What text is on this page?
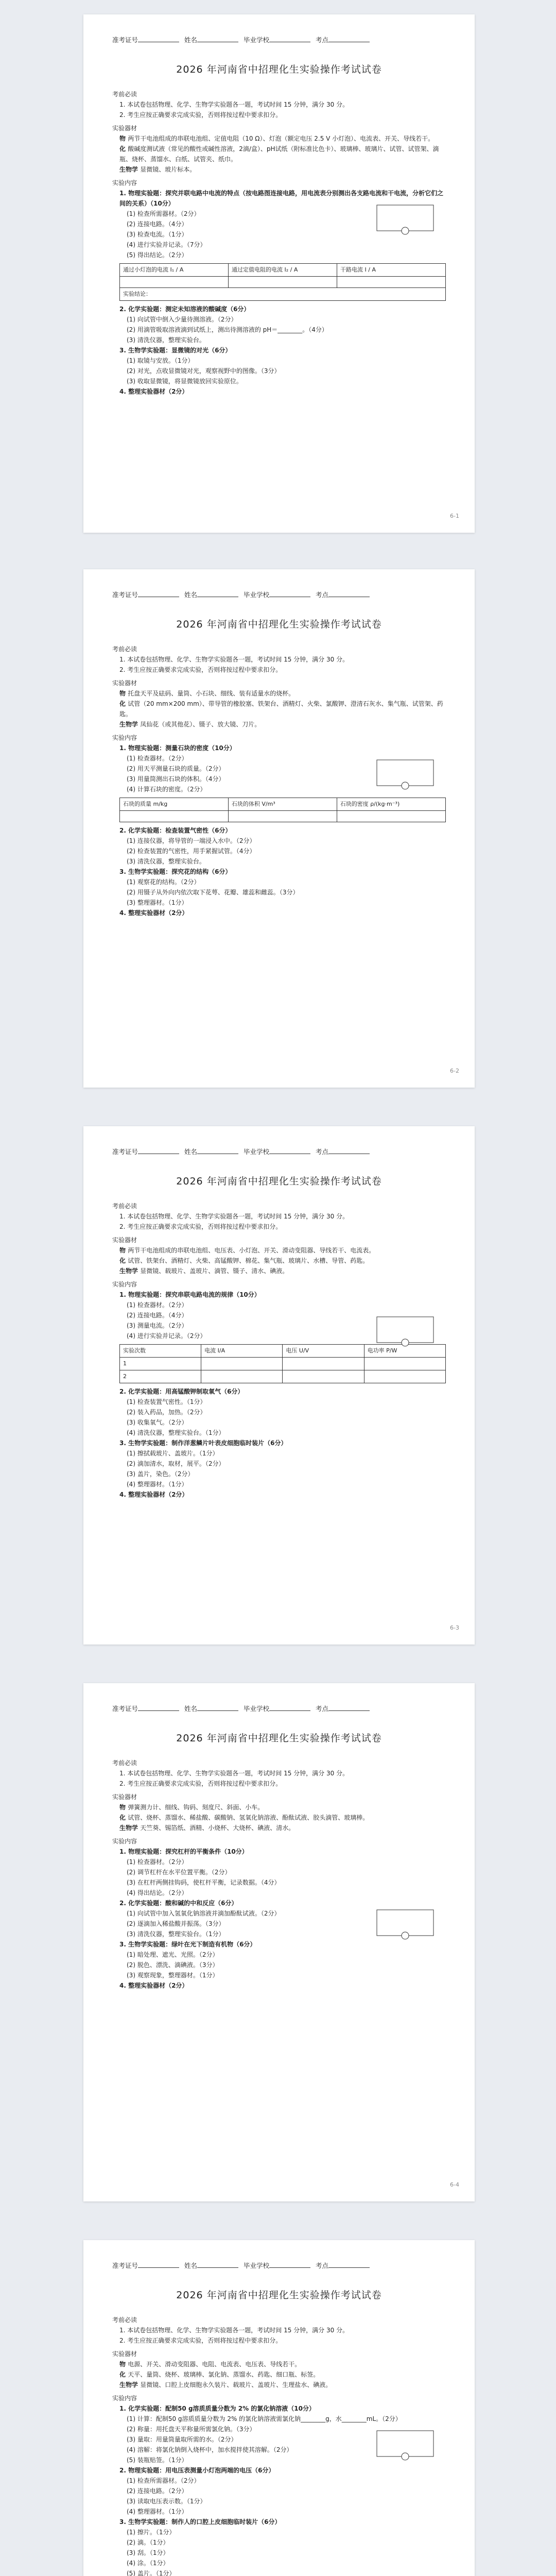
准考证号	姓名	毕业学校	考点
2026 年河南省中招理化生实验操作考试试卷
考前必读
1. 本试卷包括物理、化学、生物学实验题各一题，考试时间 15 分钟，满分 30 分。
2. 考生应按正确要求完成实验，否则将按过程中要求扣分。
实验器材
物 两节干电池组成的串联电池组、定值电阻（10 Ω）、灯泡（额定电压 2.5 V 小灯泡）、电流表、开关、导线若干。
化 酸碱度测试液（常见的酸性或碱性溶液，2滴/盒）、pH试纸（附标准比色卡）、玻璃棒、玻璃片、试管、试管架、滴瓶、烧杯、蒸馏水、白纸、试管夹、纸巾。
生物学 显微镜、玻片标本。
实验内容
1. 物理实验题：探究并联电路中电流的特点（按电路图连接电路，用电流表分别测出各支路电流和干电流，分析它们之间的关系）（10分）
(1) 检查所需器材。（2分）
(2) 连接电路。（4分）
(3) 检查电流。（1分）
(4) 进行实验并记录。（7分）
(5) 得出结论。（2分）
通过小灯泡的电流 I₁ / A	通过定值电阻的电流 I₂ / A	干路电流 I / A

实验结论：		
2. 化学实验题：测定未知溶液的酸碱度（6分）
(1) 向试管中倒入少量待测溶液。（2分）
(2) 用滴管吸取溶液滴到试纸上，测出待测溶液的 pH＝________。（4分）
(3) 清洗仪器，整理实验台。
3. 生物学实验题：显微镜的对光（6分）
(1) 取镜与安放。（1分）
(2) 对光，点收显微镜对光，观察视野中的图像。（3分）
(3) 收取显微镜，将显微镜放回实验原位。
4. 整理实验器材（2分）
6-1
准考证号	姓名	毕业学校	考点
2026 年河南省中招理化生实验操作考试试卷
考前必读
1. 本试卷包括物理、化学、生物学实验题各一题，考试时间 15 分钟，满分 30 分。
2. 考生应按正确要求完成实验，否则将按过程中要求扣分。
实验器材
物 托盘天平及砝码、量筒、小石块、细线、装有适量水的烧杯。
化 试管（20 mm×200 mm）、带导管的橡胶塞、铁架台、酒精灯、火柴、氯酸钾、澄清石灰水、集气瓶、试管架、药匙。
生物学 凤仙花（或其他花）、镊子、放大镜、刀片。
实验内容
1. 物理实验题：测量石块的密度（10分）
(1) 检查器材。（2分）
(2) 用天平测量石块的质量。（2分）
(3) 用量筒测出石块的体积。（4分）
(4) 计算石块的密度。（2分）
石块的质量 m/kg	石块的体积 V/m³	石块的密度 ρ/(kg·m⁻³)

2. 化学实验题：检查装置气密性（6分）
(1) 连接仪器，将导管的一端浸入水中。（2分）
(2) 检查装置的气密性，用手紧握试管。（4分）
(3) 清洗仪器，整理实验台。
3. 生物学实验题：探究花的结构（6分）
(1) 观察花的结构。（2分）
(2) 用镊子从外向内依次取下花萼、花瓣、雄蕊和雌蕊。（3分）
(3) 整理器材。（1分）
4. 整理实验器材（2分）
6-2
准考证号	姓名	毕业学校	考点
2026 年河南省中招理化生实验操作考试试卷
考前必读
1. 本试卷包括物理、化学、生物学实验题各一题，考试时间 15 分钟，满分 30 分。
2. 考生应按正确要求完成实验，否则将按过程中要求扣分。
实验器材
物 两节干电池组成的串联电池组、电压表、小灯泡、开关、滑动变阻器、导线若干、电流表。
化 试管、铁架台、酒精灯、火柴、高锰酸钾、棉花、集气瓶、玻璃片、水槽、导管、药匙。
生物学 显微镜、载玻片、盖玻片、滴管、镊子、清水、碘液。
实验内容
1. 物理实验题：探究串联电路电流的规律（10分）
(1) 检查器材。（2分）
(2) 连接电路。（4分）
(3) 测量电流。（2分）
(4) 进行实验并记录。（2分）
实验次数	电流 I/A	电压 U/V	电功率 P/W
1			
2			
2. 化学实验题：用高锰酸钾制取氧气（6分）
(1) 检查装置气密性。（1分）
(2) 装入药品，加热。（2分）
(3) 收集氧气。（2分）
(4) 清洗仪器，整理实验台。（1分）
3. 生物学实验题：制作洋葱鳞片叶表皮细胞临时装片（6分）
(1) 擦拭载玻片、盖玻片。（1分）
(2) 滴加清水，取材，展平。（2分）
(3) 盖片，染色。（2分）
(4) 整理器材。（1分）
4. 整理实验器材（2分）
6-3
准考证号	姓名	毕业学校	考点
2026 年河南省中招理化生实验操作考试试卷
考前必读
1. 本试卷包括物理、化学、生物学实验题各一题，考试时间 15 分钟，满分 30 分。
2. 考生应按正确要求完成实验，否则将按过程中要求扣分。
实验器材
物 弹簧测力计、细线、钩码、刻度尺、斜面、小车。
化 试管、烧杯、蒸馏水、稀盐酸、碳酸钠、氢氧化钠溶液、酚酞试液、胶头滴管、玻璃棒。
生物学 天竺葵、锡箔纸、酒精、小烧杯、大烧杯、碘液、清水。
实验内容
1. 物理实验题：探究杠杆的平衡条件（10分）
(1) 检查器材。（2分）
(2) 调节杠杆在水平位置平衡。（2分）
(3) 在杠杆两侧挂钩码，使杠杆平衡，记录数据。（4分）
(4) 得出结论。（2分）
2. 化学实验题：酸和碱的中和反应（6分）
(1) 向试管中加入氢氧化钠溶液并滴加酚酞试液。（2分）
(2) 逐滴加入稀盐酸并振荡。（3分）
(3) 清洗仪器，整理实验台。（1分）
3. 生物学实验题：绿叶在光下制造有机物（6分）
(1) 暗处理、遮光、光照。（2分）
(2) 脱色、漂洗、滴碘液。（3分）
(3) 观察现象，整理器材。（1分）
4. 整理实验器材（2分）
6-4
准考证号	姓名	毕业学校	考点
2026 年河南省中招理化生实验操作考试试卷
考前必读
1. 本试卷包括物理、化学、生物学实验题各一题，考试时间 15 分钟，满分 30 分。
2. 考生应按正确要求完成实验，否则将按过程中要求扣分。
实验器材
物 电源、开关、滑动变阻器、电阻、电流表、电压表、导线若干。
化 天平、量筒、烧杯、玻璃棒、氯化钠、蒸馏水、药匙、细口瓶、标签。
生物学 显微镜、口腔上皮细胞永久装片、载玻片、盖玻片、生理盐水、碘液。
实验内容
1. 化学实验题：配制50 g溶质质量分数为 2% 的氯化钠溶液（10分）
(1) 计算：配制50 g溶质质量分数为 2% 的氯化钠溶液需氯化钠________g，水________mL。（2分）
(2) 称量：用托盘天平称量所需氯化钠。（3分）
(3) 量取：用量筒量取所需的水。（2分）
(4) 溶解：将氯化钠倒入烧杯中，加水搅拌使其溶解。（2分）
(5) 装瓶贴签。（1分）
2. 物理实验题：用电压表测量小灯泡两端的电压（6分）
(1) 检查所需器材。（2分）
(2) 连接电路。（2分）
(3) 读取电压表示数。（1分）
(4) 整理器材。（1分）
3. 生物学实验题：制作人的口腔上皮细胞临时装片（6分）
(1) 擦片。（1分）
(2) 滴。（1分）
(3) 刮。（1分）
(4) 涂。（1分）
(5) 盖片。（1分）
